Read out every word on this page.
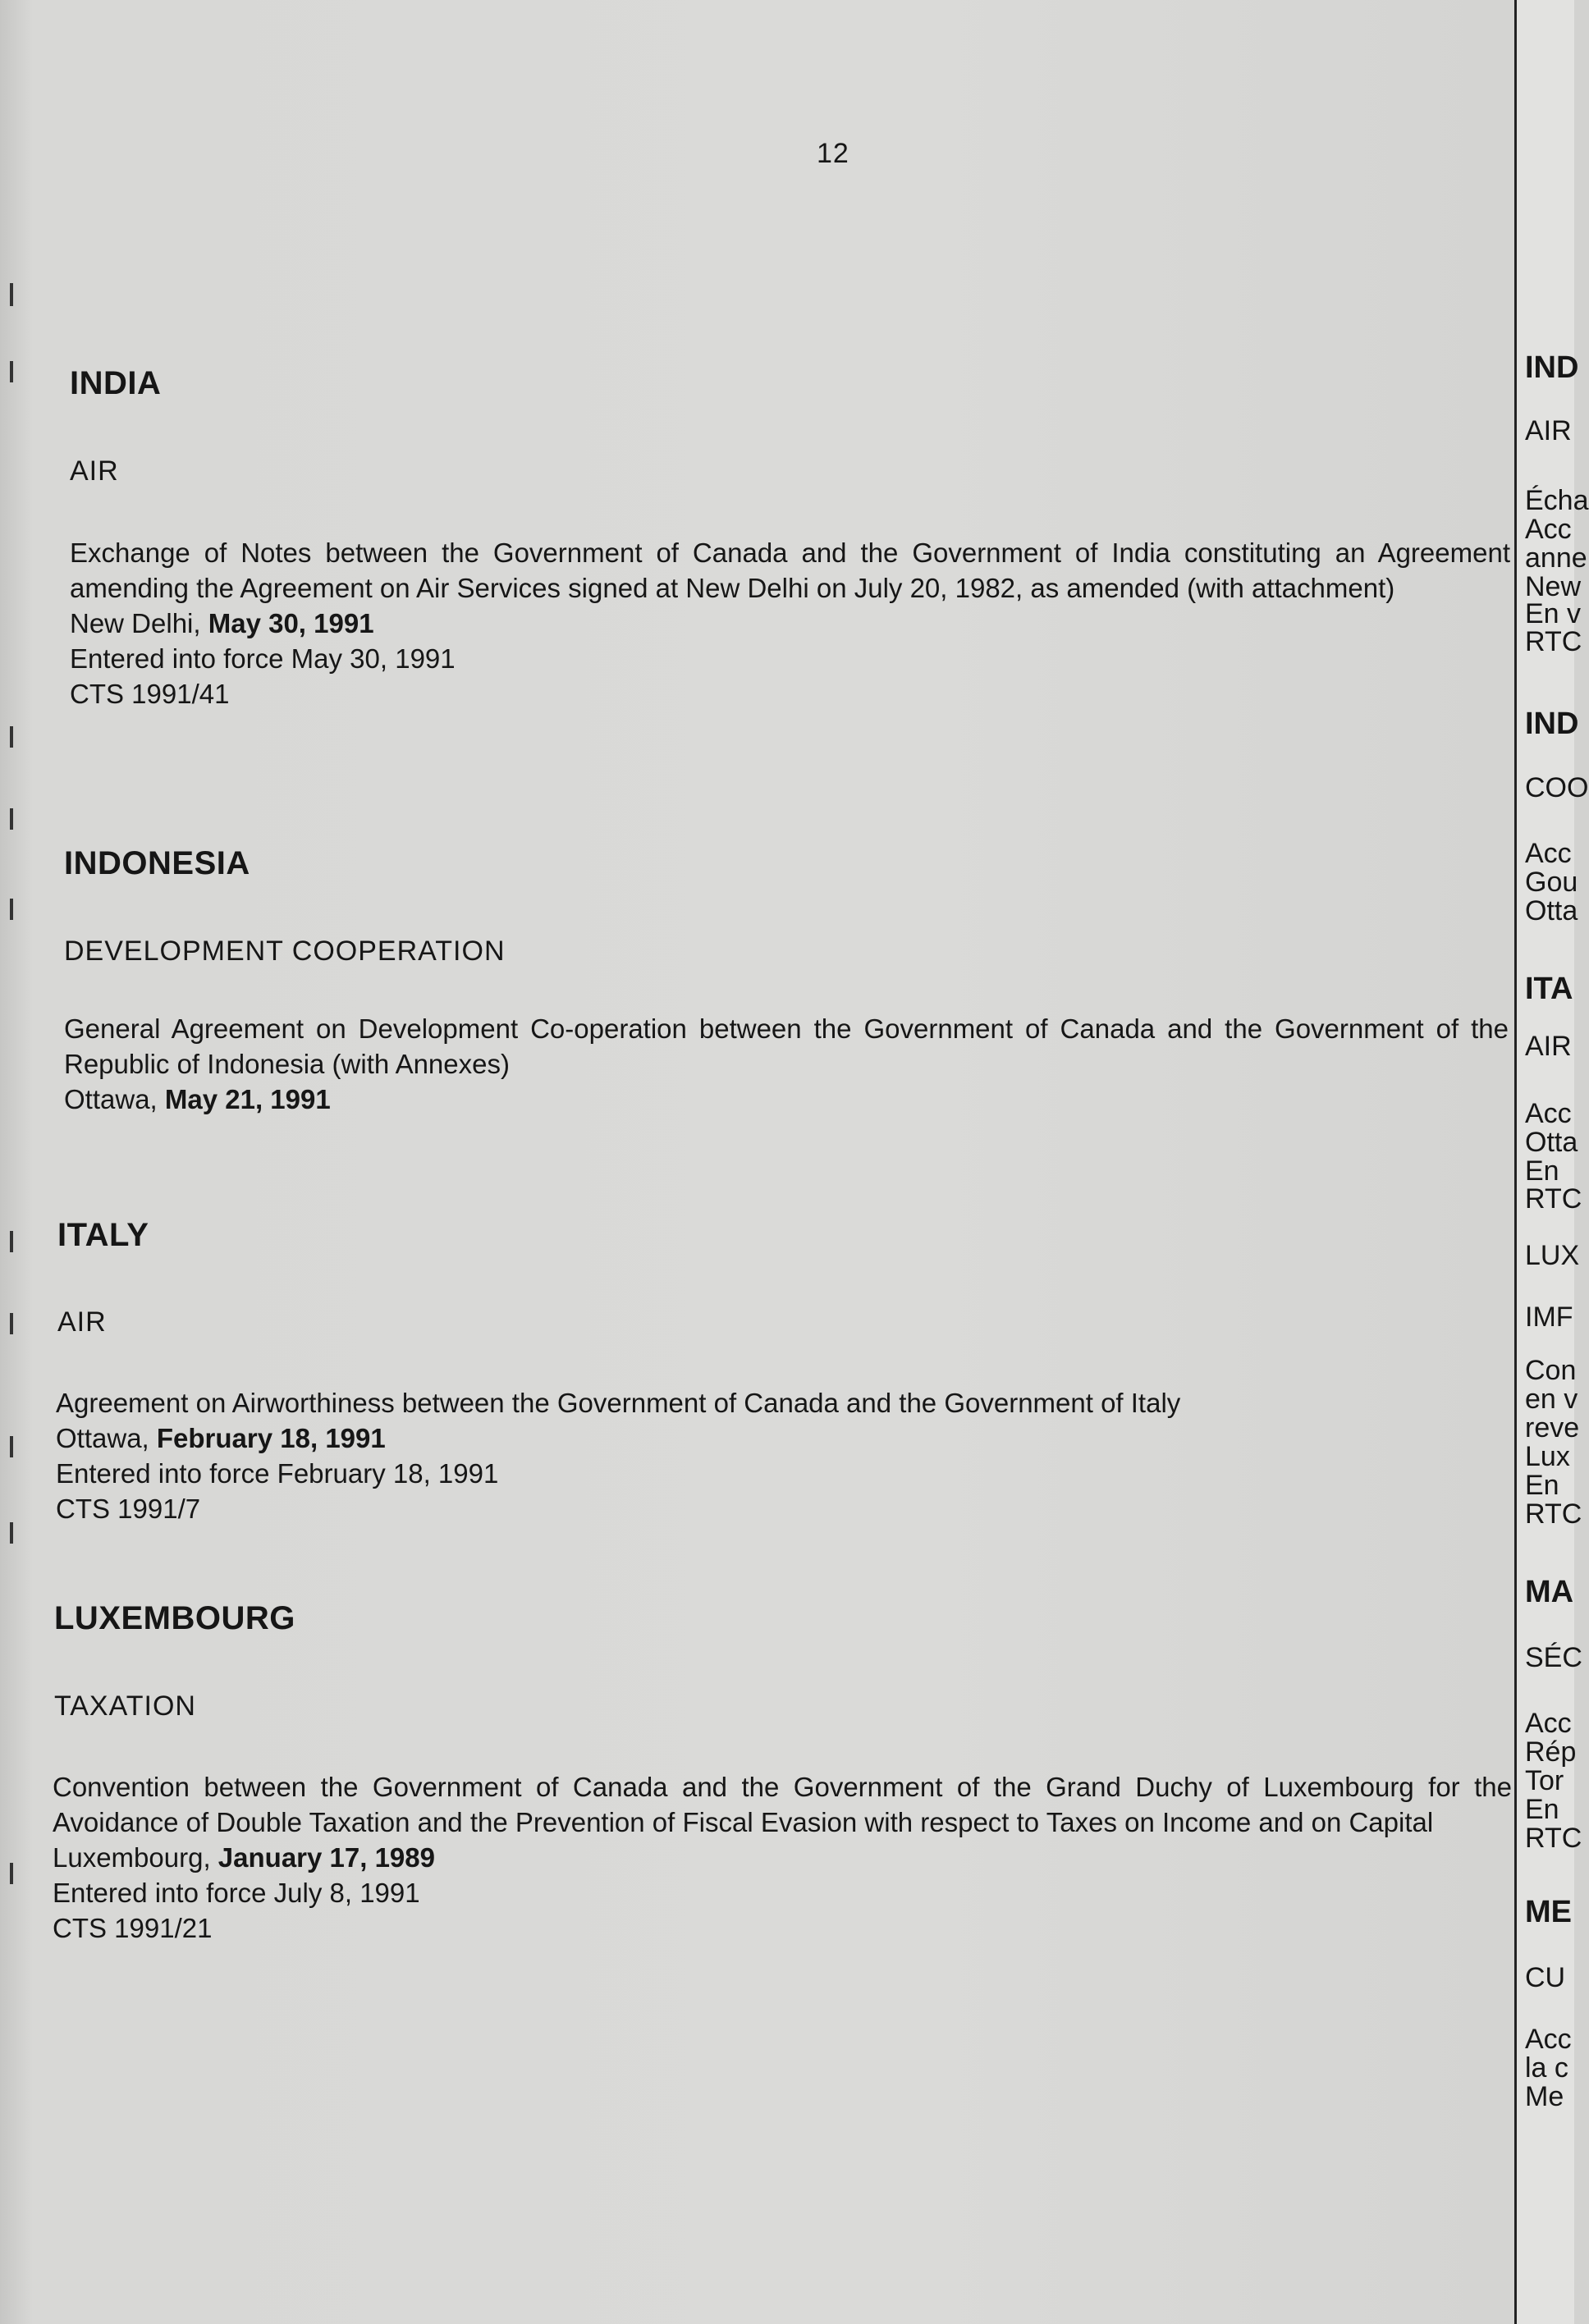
12
INDIA
AIR
Exchange of Notes between the Government of Canada and the Government of India constituting an Agreement amending the Agreement on Air Services signed at New Delhi on July 20, 1982, as amended (with attachment)
New Delhi, May 30, 1991
Entered into force May 30, 1991
CTS 1991/41
INDONESIA
DEVELOPMENT COOPERATION
General Agreement on Development Co-operation between the Government of Canada and the Government of the Republic of Indonesia (with Annexes)
Ottawa, May 21, 1991
ITALY
AIR
Agreement on Airworthiness between the Government of Canada and the Government of Italy
Ottawa, February 18, 1991
Entered into force February 18, 1991
CTS 1991/7
LUXEMBOURG
TAXATION
Convention between the Government of Canada and the Government of the Grand Duchy of Luxembourg for the Avoidance of Double Taxation and the Prevention of Fiscal Evasion with respect to Taxes on Income and on Capital
Luxembourg, January 17, 1989
Entered into force July 8, 1991
CTS 1991/21
IND
AIR
Écha
Acc
anne
New
En v
RTC
IND
COO
Acc
Gou
Otta
ITA
AIR
Acc
Otta
En
RTC
LUX
IMF
Con
en v
reve
Lux
En
RTC
MA
SÉC
Acc
Rép
Tor
En
RTC
ME
CU
Acc
la c
Me
